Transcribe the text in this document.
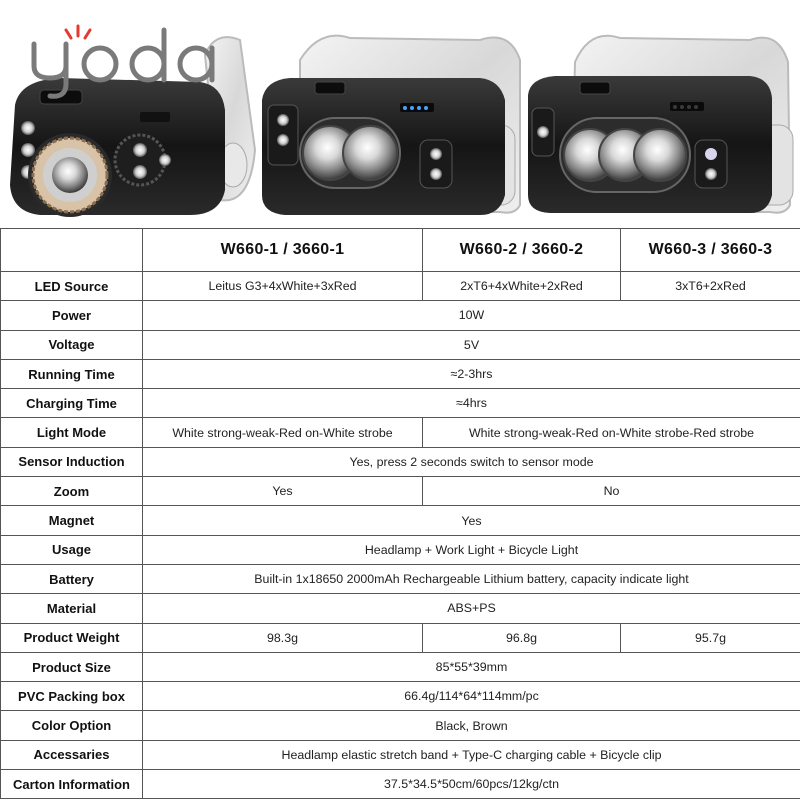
	W660-1 / 3660-1	W660-2 / 3660-2	W660-3 / 3660-3
LED Source	Leitus G3+4xWhite+3xRed	2xT6+4xWhite+2xRed	3xT6+2xRed
Power	10W		
Voltage	5V		
Running Time	≈2-3hrs		
Charging Time	≈4hrs		
Light Mode	White strong-weak-Red on-White strobe	White strong-weak-Red on-White strobe-Red strobe	
Sensor Induction	Yes, press 2 seconds switch to sensor mode		
Zoom	Yes	No	
Magnet	Yes		
Usage	Headlamp + Work Light + Bicycle Light		
Battery	Built-in 1x18650 2000mAh Rechargeable Lithium battery, capacity indicate light		
Material	ABS+PS		
Product Weight	98.3g	96.8g	95.7g
Product Size	85*55*39mm		
PVC Packing box	66.4g/114*64*114mm/pc		
Color Option	Black, Brown		
Accessaries	Headlamp elastic stretch band + Type-C charging cable + Bicycle clip		
Carton Information	37.5*34.5*50cm/60pcs/12kg/ctn		
